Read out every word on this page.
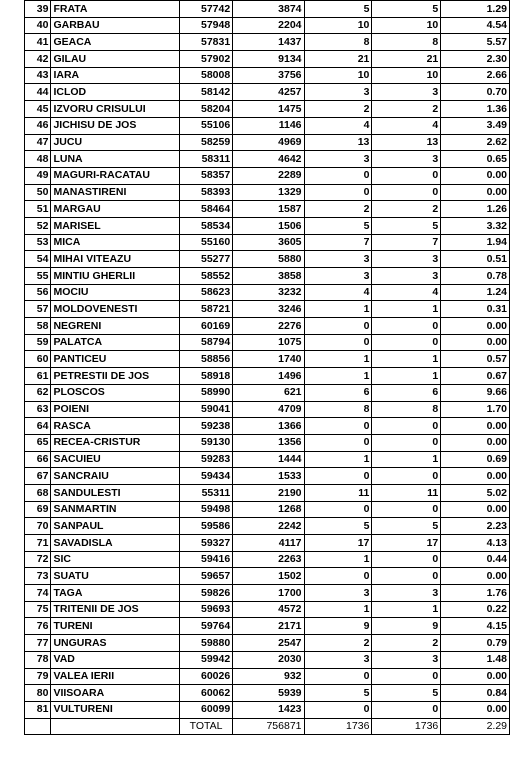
39	FRATA	57742	3874	5	5	1.29
40	GARBAU	57948	2204	10	10	4.54
41	GEACA	57831	1437	8	8	5.57
42	GILAU	57902	9134	21	21	2.30
43	IARA	58008	3756	10	10	2.66
44	ICLOD	58142	4257	3	3	0.70
45	IZVORU CRISULUI	58204	1475	2	2	1.36
46	JICHISU DE JOS	55106	1146	4	4	3.49
47	JUCU	58259	4969	13	13	2.62
48	LUNA	58311	4642	3	3	0.65
49	MAGURI-RACATAU	58357	2289	0	0	0.00
50	MANASTIRENI	58393	1329	0	0	0.00
51	MARGAU	58464	1587	2	2	1.26
52	MARISEL	58534	1506	5	5	3.32
53	MICA	55160	3605	7	7	1.94
54	MIHAI VITEAZU	55277	5880	3	3	0.51
55	MINTIU GHERLII	58552	3858	3	3	0.78
56	MOCIU	58623	3232	4	4	1.24
57	MOLDOVENESTI	58721	3246	1	1	0.31
58	NEGRENI	60169	2276	0	0	0.00
59	PALATCA	58794	1075	0	0	0.00
60	PANTICEU	58856	1740	1	1	0.57
61	PETRESTII DE JOS	58918	1496	1	1	0.67
62	PLOSCOS	58990	621	6	6	9.66
63	POIENI	59041	4709	8	8	1.70
64	RASCA	59238	1366	0	0	0.00
65	RECEA-CRISTUR	59130	1356	0	0	0.00
66	SACUIEU	59283	1444	1	1	0.69
67	SANCRAIU	59434	1533	0	0	0.00
68	SANDULESTI	55311	2190	11	11	5.02
69	SANMARTIN	59498	1268	0	0	0.00
70	SANPAUL	59586	2242	5	5	2.23
71	SAVADISLA	59327	4117	17	17	4.13
72	SIC	59416	2263	1	0	0.44
73	SUATU	59657	1502	0	0	0.00
74	TAGA	59826	1700	3	3	1.76
75	TRITENII DE JOS	59693	4572	1	1	0.22
76	TURENI	59764	2171	9	9	4.15
77	UNGURAS	59880	2547	2	2	0.79
78	VAD	59942	2030	3	3	1.48
79	VALEA IERII	60026	932	0	0	0.00
80	VIISOARA	60062	5939	5	5	0.84
81	VULTURENI	60099	1423	0	0	0.00
		TOTAL	756871	1736	1736	2.29
